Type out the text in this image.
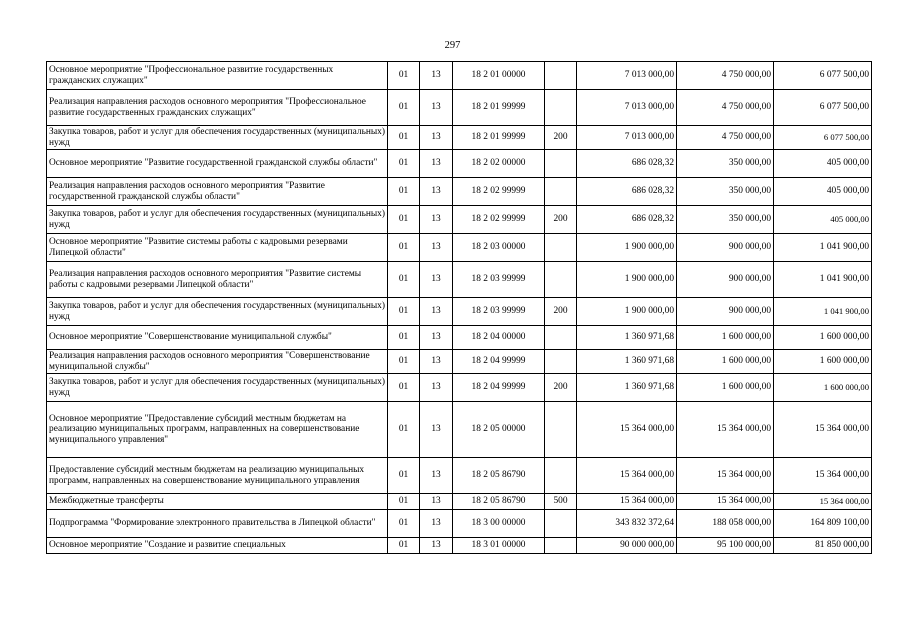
297
Основное мероприятие "Профессиональное развитие государственных гражданских служащих"	01	13	18 2 01 00000		7 013 000,00	4 750 000,00	6 077 500,00
Реализация направления расходов основного мероприятия "Профессиональное развитие государственных гражданских служащих"	01	13	18 2 01 99999		7 013 000,00	4 750 000,00	6 077 500,00
Закупка товаров, работ и услуг для обеспечения государственных (муниципальных) нужд	01	13	18 2 01 99999	200	7 013 000,00	4 750 000,00	6 077 500,00
Основное мероприятие "Развитие государственной гражданской службы области"	01	13	18 2 02 00000		686 028,32	350 000,00	405 000,00
Реализация направления расходов основного мероприятия "Развитие государственной гражданской службы области"	01	13	18 2 02 99999		686 028,32	350 000,00	405 000,00
Закупка товаров, работ и услуг для обеспечения государственных (муниципальных) нужд	01	13	18 2 02 99999	200	686 028,32	350 000,00	405 000,00
Основное мероприятие "Развитие системы работы с кадровыми резервами Липецкой области"	01	13	18 2 03 00000		1 900 000,00	900 000,00	1 041 900,00
Реализация направления расходов основного мероприятия "Развитие системы работы с кадровыми резервами Липецкой области"	01	13	18 2 03 99999		1 900 000,00	900 000,00	1 041 900,00
Закупка товаров, работ и услуг для обеспечения государственных (муниципальных) нужд	01	13	18 2 03 99999	200	1 900 000,00	900 000,00	1 041 900,00
Основное мероприятие "Совершенствование муниципальной службы"	01	13	18 2 04 00000		1 360 971,68	1 600 000,00	1 600 000,00
Реализация направления расходов основного мероприятия "Совершенствование муниципальной службы"	01	13	18 2 04 99999		1 360 971,68	1 600 000,00	1 600 000,00
Закупка товаров, работ и услуг для обеспечения государственных (муниципальных) нужд	01	13	18 2 04 99999	200	1 360 971,68	1 600 000,00	1 600 000,00
Основное мероприятие "Предоставление субсидий местным бюджетам на реализацию муниципальных программ, направленных на совершенствование муниципального управления"	01	13	18 2 05 00000		15 364 000,00	15 364 000,00	15 364 000,00
Предоставление субсидий местным бюджетам на реализацию муниципальных программ, направленных на совершенствование муниципального управления	01	13	18 2 05 86790		15 364 000,00	15 364 000,00	15 364 000,00
Межбюджетные трансферты	01	13	18 2 05 86790	500	15 364 000,00	15 364 000,00	15 364 000,00
Подпрограмма "Формирование электронного правительства в Липецкой области"	01	13	18 3 00 00000		343 832 372,64	188 058 000,00	164 809 100,00
Основное мероприятие "Создание и развитие специальных	01	13	18 3 01 00000		90 000 000,00	95 100 000,00	81 850 000,00
